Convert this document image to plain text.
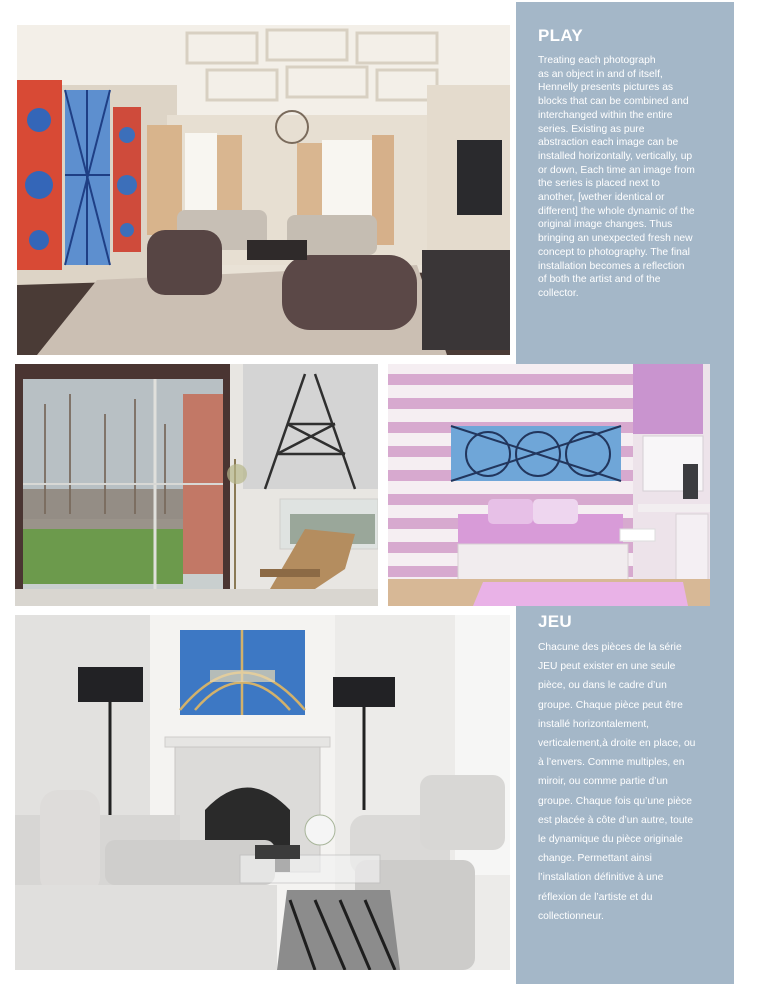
PLAY
Treating each photograph
as an object in and of itself,
Hennelly presents pictures as
blocks that can be combined and
interchanged within the entire
series. Existing as pure
abstraction each image can be
installed horizontally, vertically, up
or down, Each time an image from
the series is placed next to
another, [wether identical or
different] the whole dynamic of the
original image changes. Thus
bringing an unexpected fresh new
concept to photography. The final
installation becomes a reflection
of both the artist and of the
collector.
JEU
Chacune des pièces de la série
JEU peut exister en une seule
pièce, ou dans le cadre d’un
groupe. Chaque pièce peut être
installé horizontalement,
verticalement,à droite en place, ou
à l’envers. Comme multiples, en
miroir, ou comme partie d’un
groupe. Chaque fois qu’une pièce
est placée à côte d’un autre, toute
le dynamique du pièce originale
change. Permettant ainsi
l’installation définitive à une
réflexion de l’artiste et du
collectionneur.
